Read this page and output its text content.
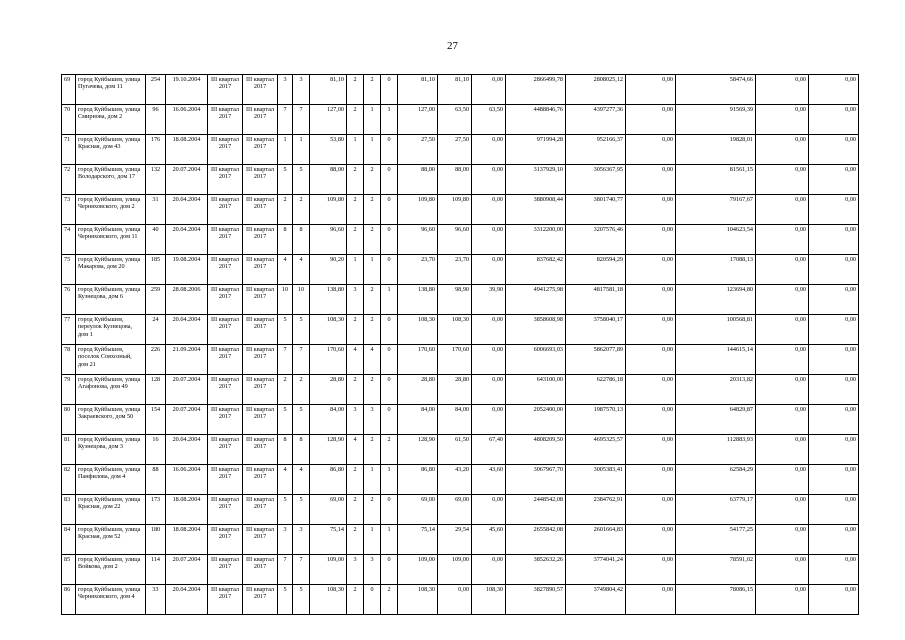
27
69	город Куйбышев, улица Пугачева, дом 11	254	19.10.2004	III квартал 2017	III квартал 2017	3	3	81,10	2	2	0	81,10	81,10	0,00	2866499,78	2808025,12	0,00	58474,66	0,00	0,00
70	город Куйбышев, улица Смирнова, дом 2	96	16.06.2004	III квартал 2017	III квартал 2017	7	7	127,00	2	1	1	127,00	63,50	63,50	4488846,76	4397277,36	0,00	91569,39	0,00	0,00
71	город Куйбышев, улица Красная, дом 43	176	18.08.2004	III квартал 2017	III квартал 2017	1	1	53,80	1	1	0	27,50	27,50	0,00	971994,28	952166,37	0,00	19828,01	0,00	0,00
72	город Куйбышев, улица Володарского, дом 17	132	20.07.2004	III квартал 2017	III квартал 2017	5	5	88,00	2	2	0	88,00	88,00	0,00	3137929,10	3056367,95	0,00	81561,15	0,00	0,00
73	город Куйбышев, улица Черняховского, дом 2	31	20.04.2004	III квартал 2017	III квартал 2017	2	2	109,80	2	2	0	109,80	109,80	0,00	3880908,44	3801740,77	0,00	79167,67	0,00	0,00
74	город Куйбышев, улица Черняховского, дом 11	40	20.04.2004	III квартал 2017	III квартал 2017	8	8	96,60	2	2	0	96,60	96,60	0,00	3312200,00	3207576,46	0,00	104623,54	0,00	0,00
75	город Куйбышев, улица Макарова, дом 20	185	19.08.2004	III квартал 2017	III квартал 2017	4	4	90,20	1	1	0	23,70	23,70	0,00	837682,42	820594,29	0,00	17088,13	0,00	0,00
76	город Куйбышев, улица Кузнецова, дом 6	259	28.08.2006	III квартал 2017	III квартал 2017	10	10	138,80	3	2	1	138,80	98,90	39,90	4941275,98	4817581,18	0,00	123694,80	0,00	0,00
77	город Куйбышев, переулок Кузнецова, дом 1	24	20.04.2004	III квартал 2017	III квартал 2017	5	5	108,30	2	2	0	108,30	108,30	0,00	3858608,98	3758040,17	0,00	100568,81	0,00	0,00
78	город Куйбышев, поселок Совхозный, дом 21	226	21.09.2004	III квартал 2017	III квартал 2017	7	7	170,60	4	4	0	170,60	170,60	0,00	6006693,03	5862077,89	0,00	144615,14	0,00	0,00
79	город Куйбышев, улица Агафонова, дом 49	128	20.07.2004	III квартал 2017	III квартал 2017	2	2	28,80	2	2	0	28,80	28,80	0,00	643100,00	622786,18	0,00	20313,82	0,00	0,00
80	город Куйбышев, улица Закраевского, дом 50	154	20.07.2004	III квартал 2017	III квартал 2017	5	5	84,00	3	3	0	84,00	84,00	0,00	2052400,00	1987570,13	0,00	64829,87	0,00	0,00
81	город Куйбышев, улица Кузнецова, дом 3	16	20.04.2004	III квартал 2017	III квартал 2017	8	8	128,90	4	2	2	128,90	61,50	67,40	4808209,50	4695325,57	0,00	112883,93	0,00	0,00
82	город Куйбышев, улица Панфилова, дом 4	88	16.06.2004	III квартал 2017	III квартал 2017	4	4	86,80	2	1	1	86,80	43,20	43,60	3067967,70	3005383,41	0,00	62584,29	0,00	0,00
83	город Куйбышев, улица Красная, дом 22	173	18.08.2004	III квартал 2017	III квартал 2017	5	5	69,00	2	2	0	69,00	69,00	0,00	2448542,08	2384762,91	0,00	63779,17	0,00	0,00
84	город Куйбышев, улица Красная, дом 52	180	18.08.2004	III квартал 2017	III квартал 2017	3	3	75,14	2	1	1	75,14	29,54	45,60	2655842,08	2601664,83	0,00	54177,25	0,00	0,00
85	город Куйбышев, улица Войкова, дом 2	114	20.07.2004	III квартал 2017	III квартал 2017	7	7	109,00	3	3	0	109,00	109,00	0,00	3852632,26	3774041,24	0,00	78591,02	0,00	0,00
86	город Куйбышев, улица Черняховского, дом 4	33	20.04.2004	III квартал 2017	III квартал 2017	5	5	108,30	2	0	2	108,30	0,00	108,30	3827890,57	3749804,42	0,00	78086,15	0,00	0,00
